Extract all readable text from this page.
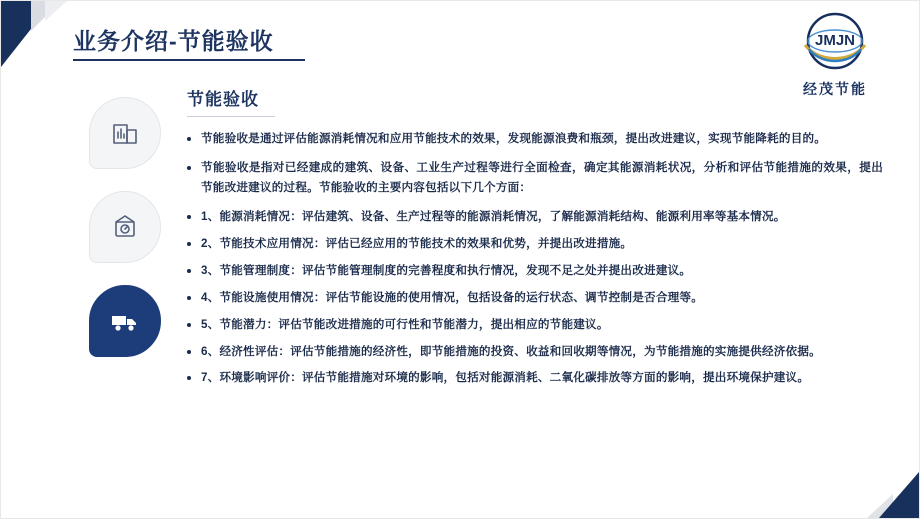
业务介绍-节能验收	JMJN
经茂节能
节能验收
节能验收是通过评估能源消耗情况和应用节能技术的效果，发现能源浪费和瓶颈，提出改进建议，实现节能降耗的目的。
节能验收是指对已经建成的建筑、设备、工业生产过程等进行全面检查，确定其能源消耗状况，分析和评估节能措施的效果，提出节能改进建议的过程。节能验收的主要内容包括以下几个方面：
1、能源消耗情况：评估建筑、设备、生产过程等的能源消耗情况，了解能源消耗结构、能源利用率等基本情况。
2、节能技术应用情况：评估已经应用的节能技术的效果和优势，并提出改进措施。
3、节能管理制度：评估节能管理制度的完善程度和执行情况，发现不足之处并提出改进建议。
4、节能设施使用情况：评估节能设施的使用情况，包括设备的运行状态、调节控制是否合理等。
5、节能潜力：评估节能改进措施的可行性和节能潜力，提出相应的节能建议。
6、经济性评估：评估节能措施的经济性，即节能措施的投资、收益和回收期等情况，为节能措施的实施提供经济依据。
7、环境影响评价：评估节能措施对环境的影响，包括对能源消耗、二氧化碳排放等方面的影响，提出环境保护建议。
